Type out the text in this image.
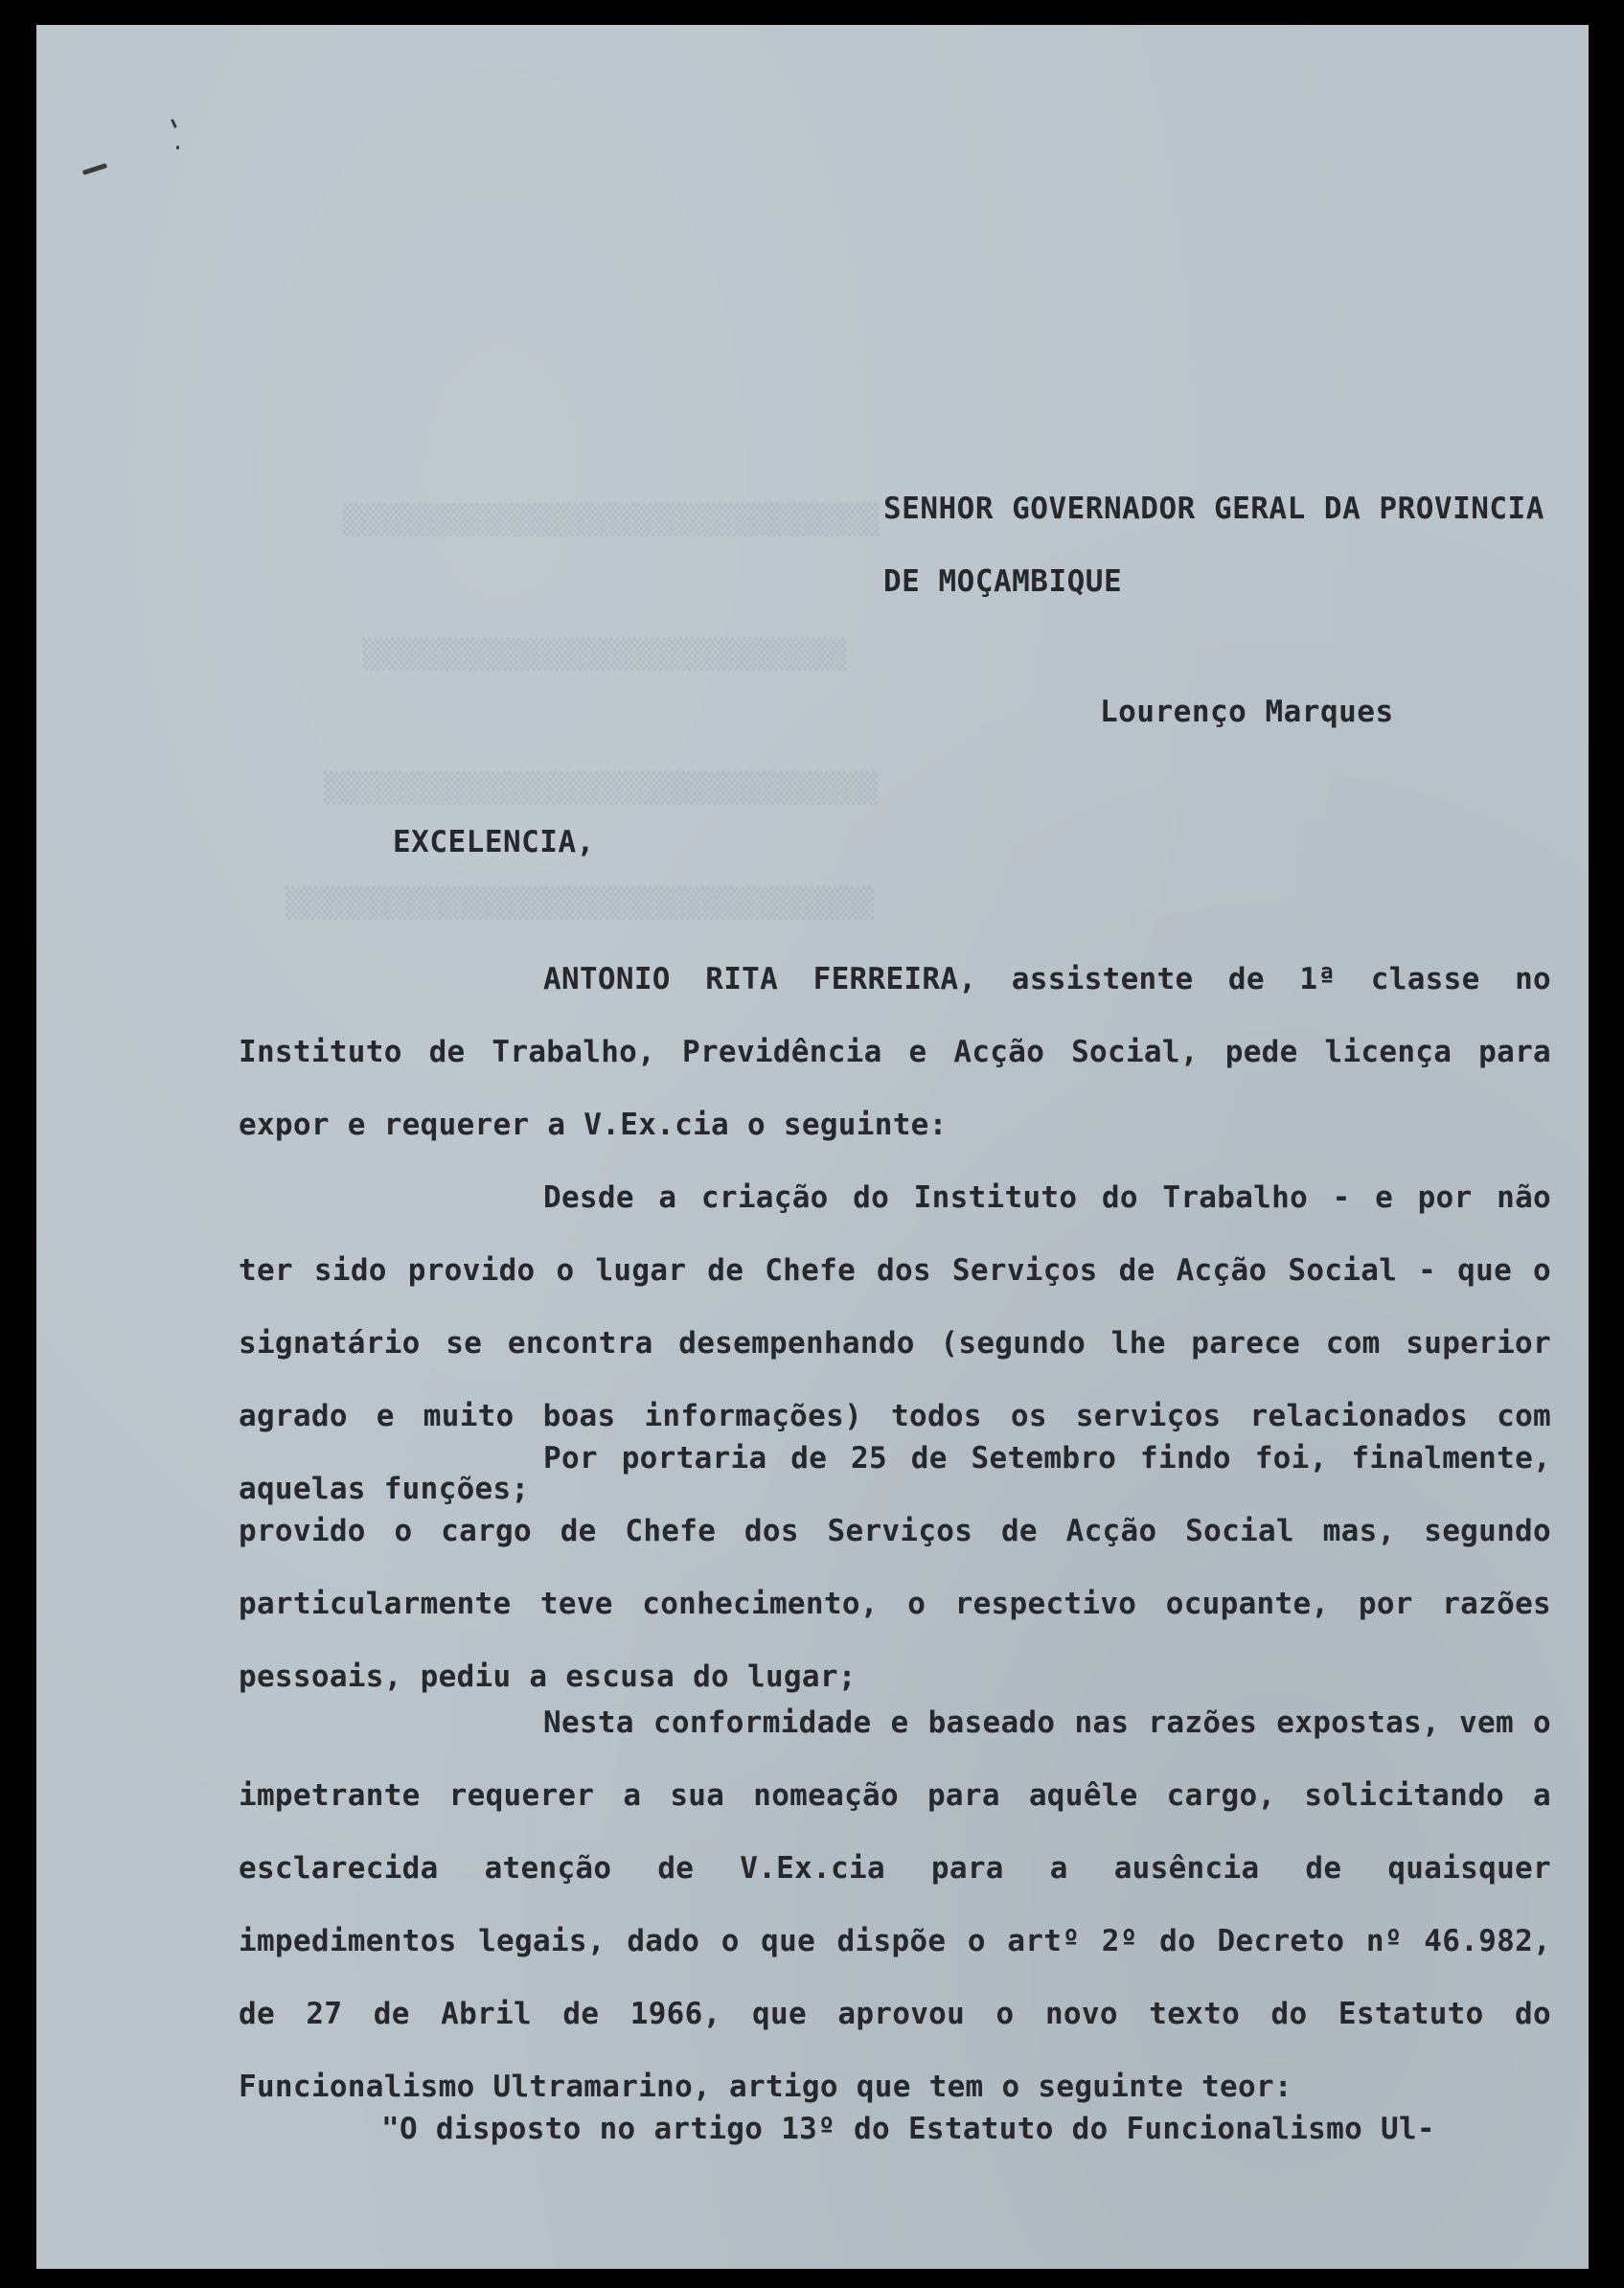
▒▒▒▒▒▒▒▒▒▒▒▒▒▒▒▒▒▒▒▒▒▒▒▒▒▒▒▒▒▒▒
▒▒▒▒▒▒▒▒▒▒▒▒▒▒▒▒▒▒▒▒▒▒▒▒▒▒▒▒
▒▒▒▒▒▒▒▒▒▒▒▒▒▒▒▒▒▒▒▒▒▒▒▒▒▒▒▒▒▒▒▒
▒▒▒▒▒▒▒▒▒▒▒▒▒▒▒▒▒▒▒▒▒▒▒▒▒▒▒▒▒▒▒▒▒▒
SENHOR GOVERNADOR GERAL DA PROVINCIA
DE MOÇAMBIQUE
Lourenço Marques
EXCELENCIA,
ANTONIO RITA FERREIRA, assistente de 1ª classe no Instituto de Trabalho, Previdência e Acção Social, pede licença para expor e requerer a V.Ex.cia o seguinte:
Desde a criação do Instituto do Trabalho - e por não ter sido provido o lugar de Chefe dos Serviços de Acção Social - que o signatário se encontra desempenhando (segundo lhe parece com superior agrado e muito boas informações) todos os serviços relacionados com aquelas funções;
Por portaria de 25 de Setembro findo foi, finalmente, provido o cargo de Chefe dos Serviços de Acção Social mas, segundo particularmente teve conhecimento, o respectivo ocupante, por razões pessoais, pediu a escusa do lugar;
Nesta conformidade e baseado nas razões expostas, vem o impetrante requerer a sua nomeação para aquêle cargo, solicitando a esclarecida atenção de V.Ex.cia para a ausência de quaisquer impedimentos legais, dado o que dispõe o artº 2º do Decreto nº 46.982, de 27 de Abril de 1966, que aprovou o novo texto do Estatuto do Funcionalismo Ultramarino, artigo que tem o seguinte teor:
"O disposto no artigo 13º do Estatuto do Funcionalismo Ul-
